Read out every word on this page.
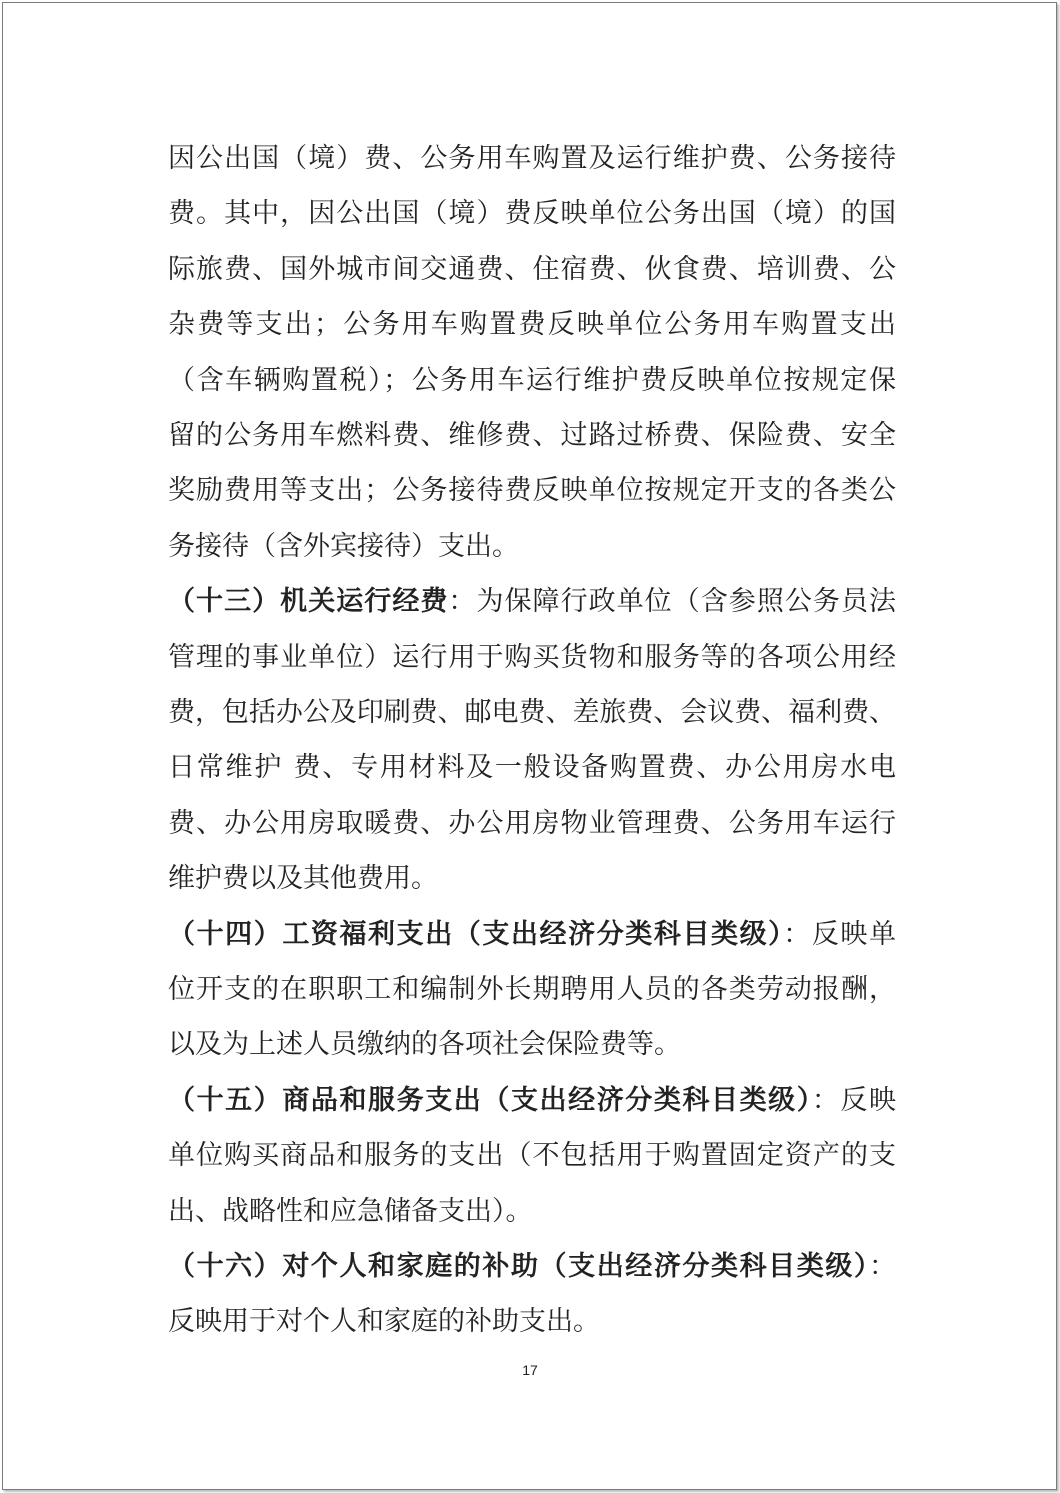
因公出国（境）费、公务用车购置及运行维护费、公务接待
费。其中，因公出国（境）费反映单位公务出国（境）的国
际旅费、国外城市间交通费、住宿费、伙食费、培训费、公
杂费等支出；公务用车购置费反映单位公务用车购置支出
（含车辆购置税）；公务用车运行维护费反映单位按规定保
留的公务用车燃料费、维修费、过路过桥费、保险费、安全
奖励费用等支出；公务接待费反映单位按规定开支的各类公
务接待（含外宾接待）支出。
（十三）机关运行经费：为保障行政单位（含参照公务员法
管理的事业单位）运行用于购买货物和服务等的各项公用经
费，包括办公及印刷费、邮电费、差旅费、会议费、福利费、
日常维护 费、专用材料及一般设备购置费、办公用房水电
费、办公用房取暖费、办公用房物业管理费、公务用车运行
维护费以及其他费用。
（十四）工资福利支出（支出经济分类科目类级）：反映单
位开支的在职职工和编制外长期聘用人员的各类劳动报酬，
以及为上述人员缴纳的各项社会保险费等。
（十五）商品和服务支出（支出经济分类科目类级）：反映
单位购买商品和服务的支出（不包括用于购置固定资产的支
出、战略性和应急储备支出）。
（十六）对个人和家庭的补助（支出经济分类科目类级）：
反映用于对个人和家庭的补助支出。
17
